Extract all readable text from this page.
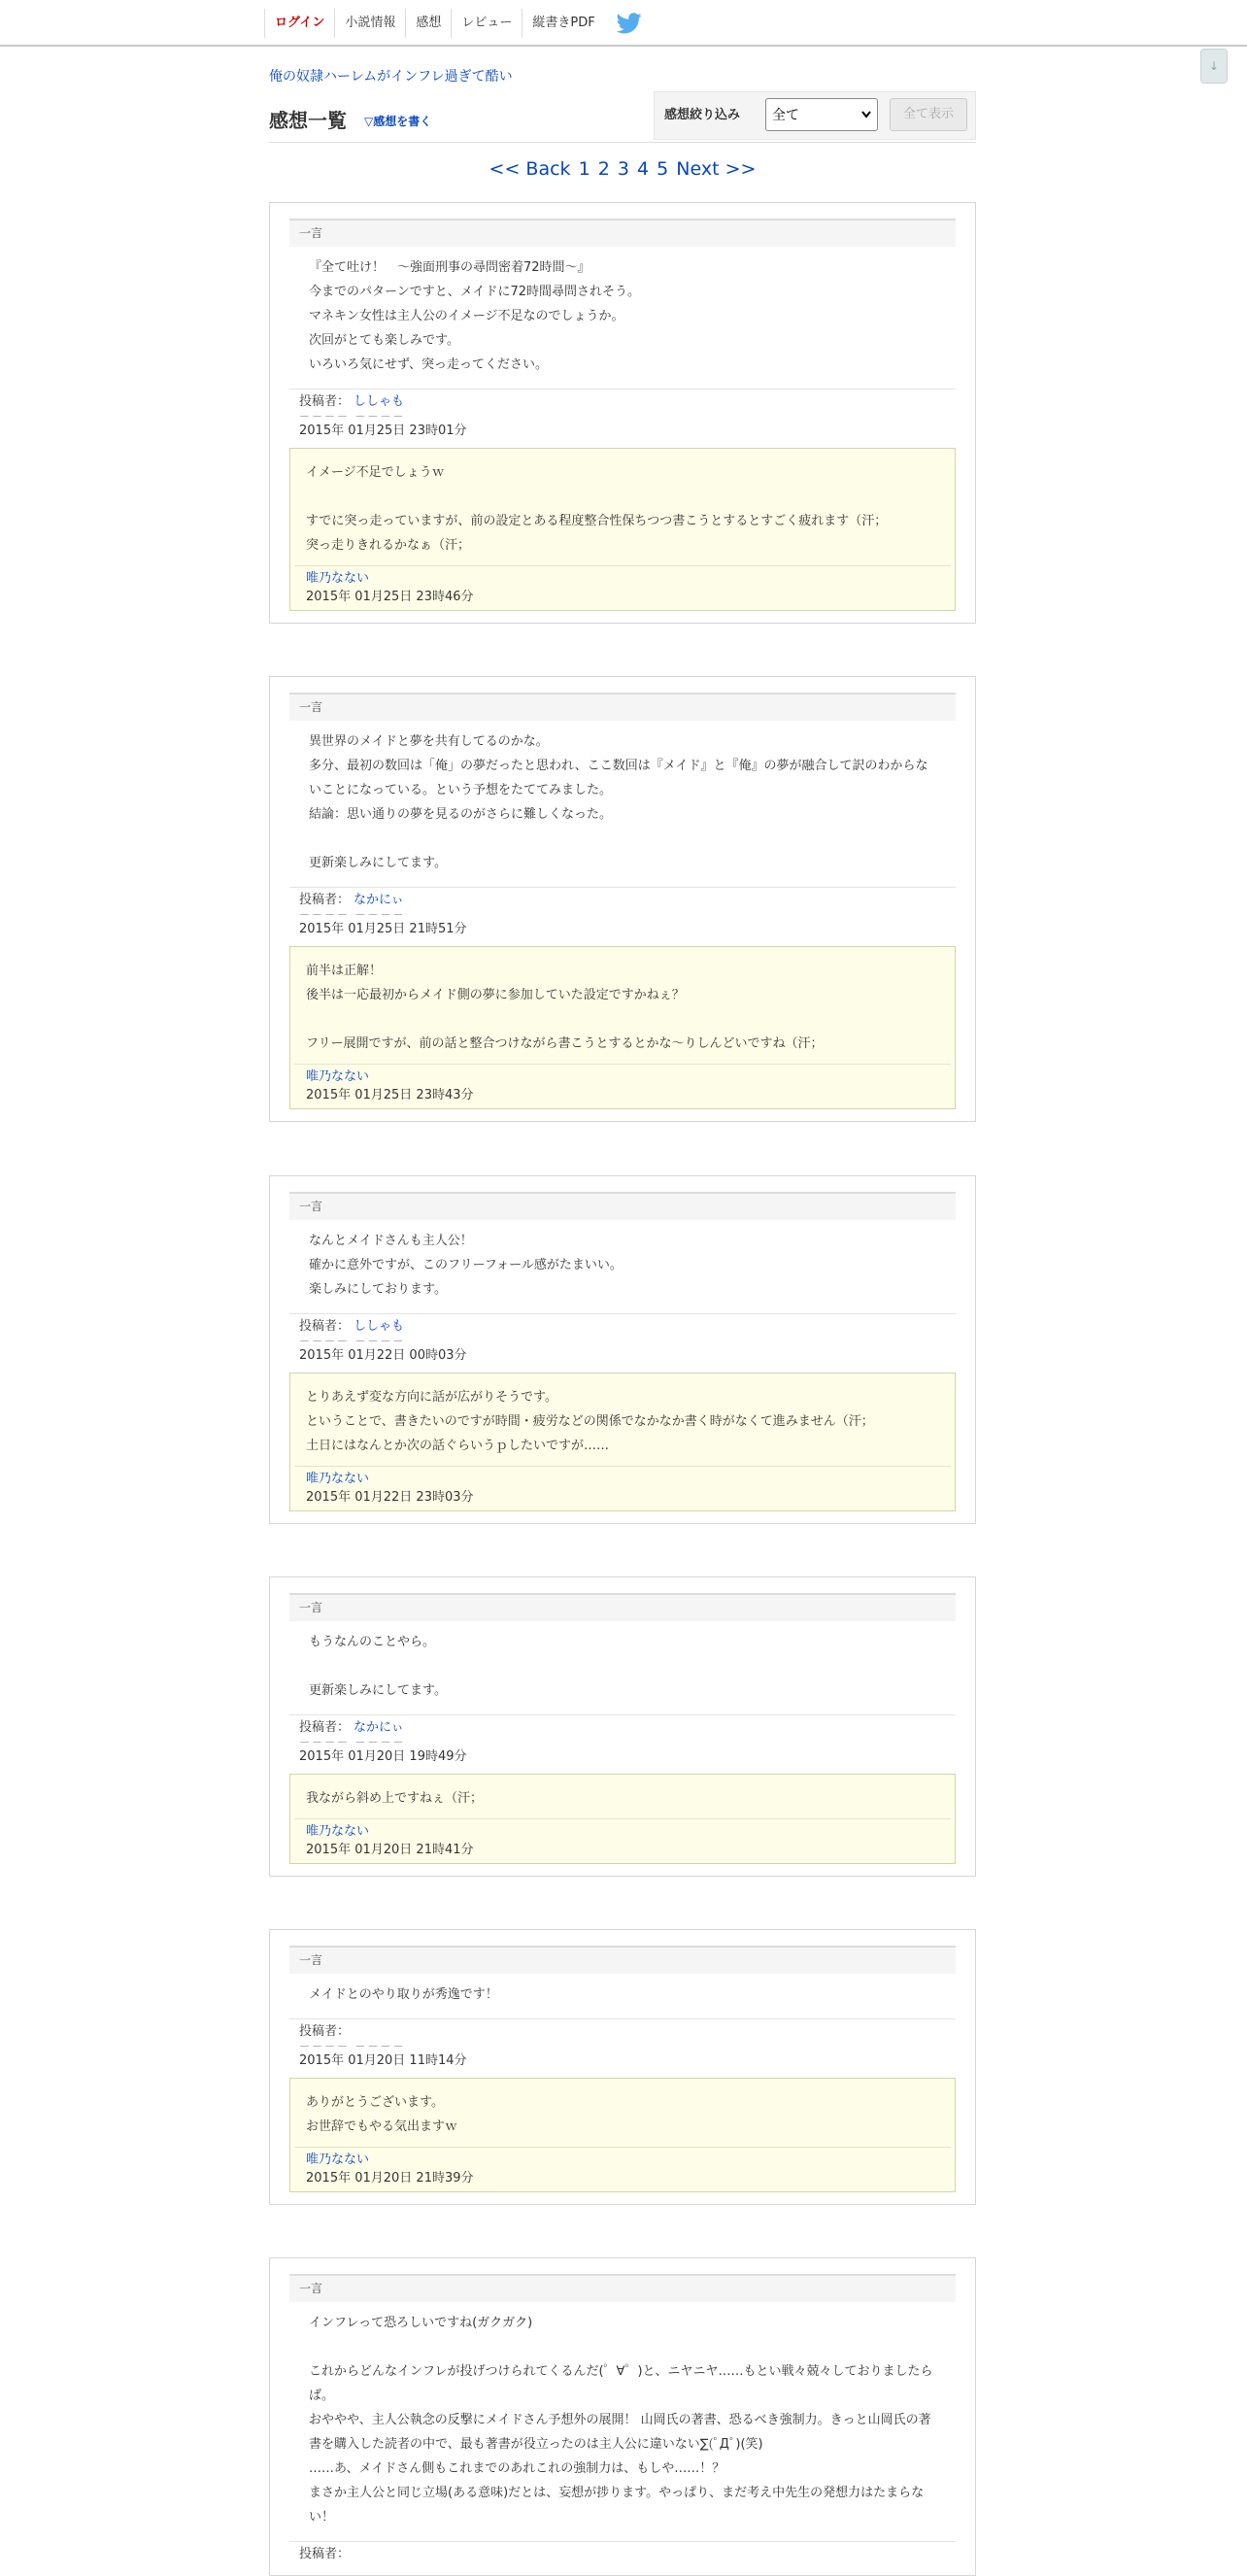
ログイン	小説情報	感想	レビュー	縦書きPDF
↓
俺の奴隷ハーレムがインフレ過ぎて酷い
感想一覧 ▽感想を書く	感想絞り込み 全て	全て表示
<< Back 1 2 3 4 5 Next >>
一言

『全て吐け！　～強面刑事の尋問密着72時間～』

今までのパターンですと、メイドに72時間尋問されそう。

マネキン女性は主人公のイメージ不足なのでしょうか。

次回がとても楽しみです。

いろいろ気にせず、突っ走ってください。

投稿者： ししゃも
－－－－ －－－－
2015年 01月25日 23時01分

イメージ不足でしょうｗ

すでに突っ走っていますが、前の設定とある程度整合性保ちつつ書こうとするとすごく疲れます（汗；

突っ走りきれるかなぁ（汗；

唯乃なない
2015年 01月25日 23時46分
一言

異世界のメイドと夢を共有してるのかな。

多分、最初の数回は「俺」の夢だったと思われ、ここ数回は『メイド』と『俺』の夢が融合して訳のわからないことになっている。という予想をたててみました。

結論：思い通りの夢を見るのがさらに難しくなった。

更新楽しみにしてます。

投稿者： なかにぃ
－－－－ －－－－
2015年 01月25日 21時51分

前半は正解！

後半は一応最初からメイド側の夢に参加していた設定ですかねぇ？

フリー展開ですが、前の話と整合つけながら書こうとするとかな～りしんどいですね（汗；

唯乃なない
2015年 01月25日 23時43分
一言

なんとメイドさんも主人公！

確かに意外ですが、このフリーフォール感がたまいい。

楽しみにしております。

投稿者： ししゃも
－－－－ －－－－
2015年 01月22日 00時03分

とりあえず変な方向に話が広がりそうです。

ということで、書きたいのですが時間・疲労などの関係でなかなか書く時がなくて進みません（汗；

土日にはなんとか次の話ぐらいうｐしたいですが……

唯乃なない
2015年 01月22日 23時03分
一言

もうなんのことやら。

更新楽しみにしてます。

投稿者： なかにぃ
－－－－ －－－－
2015年 01月20日 19時49分

我ながら斜め上ですねぇ（汗；

唯乃なない
2015年 01月20日 21時41分
一言

メイドとのやり取りが秀逸です！

投稿者：
－－－－ －－－－
2015年 01月20日 11時14分

ありがとうございます。

お世辞でもやる気出ますｗ

唯乃なない
2015年 01月20日 21時39分
一言

インフレって恐ろしいですね(ガクガク)

これからどんなインフレが投げつけられてくるんだ(゜∀゜)と、ニヤニヤ……もとい戦々兢々しておりましたらば。

おややや、主人公執念の反撃にメイドさん予想外の展開！ 山岡氏の著書、恐るべき強制力。きっと山岡氏の著書を購入した読者の中で、最も著書が役立ったのは主人公に違いない∑(ﾟДﾟ)(笑)

……あ、メイドさん側もこれまでのあれこれの強制力は、もしや……！？

まさか主人公と同じ立場(ある意味)だとは、妄想が捗ります。やっぱり、まだ考え中先生の発想力はたまらない！

投稿者：
